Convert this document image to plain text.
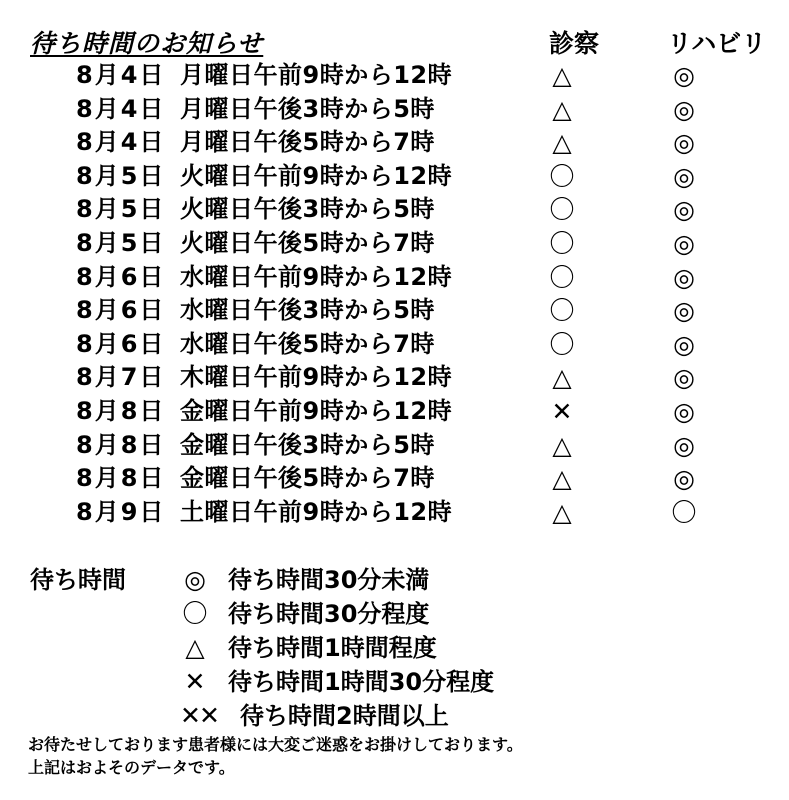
待ち時間のお知らせ	診察	リハビリ
8月4日 月曜日午前9時から12時	△	◎
8月4日 月曜日午後3時から5時	△	◎
8月4日 月曜日午後5時から7時	△	◎
8月5日 火曜日午前9時から12時	〇	◎
8月5日 火曜日午後3時から5時	〇	◎
8月5日 火曜日午後5時から7時	〇	◎
8月6日 水曜日午前9時から12時	〇	◎
8月6日 水曜日午後3時から5時	〇	◎
8月6日 水曜日午後5時から7時	〇	◎
8月7日 木曜日午前9時から12時	△	◎
8月8日 金曜日午前9時から12時	✕	◎
8月8日 金曜日午後3時から5時	△	◎
8月8日 金曜日午後5時から7時	△	◎
8月9日 土曜日午前9時から12時	△	〇
待ち時間 ◎ 待ち時間30分未満
〇 待ち時間30分程度
△ 待ち時間1時間程度
✕ 待ち時間1時間30分程度
✕✕ 待ち時間2時間以上
お待たせしております患者様には大変ご迷惑をお掛けしております。
上記はおよそのデータです。
